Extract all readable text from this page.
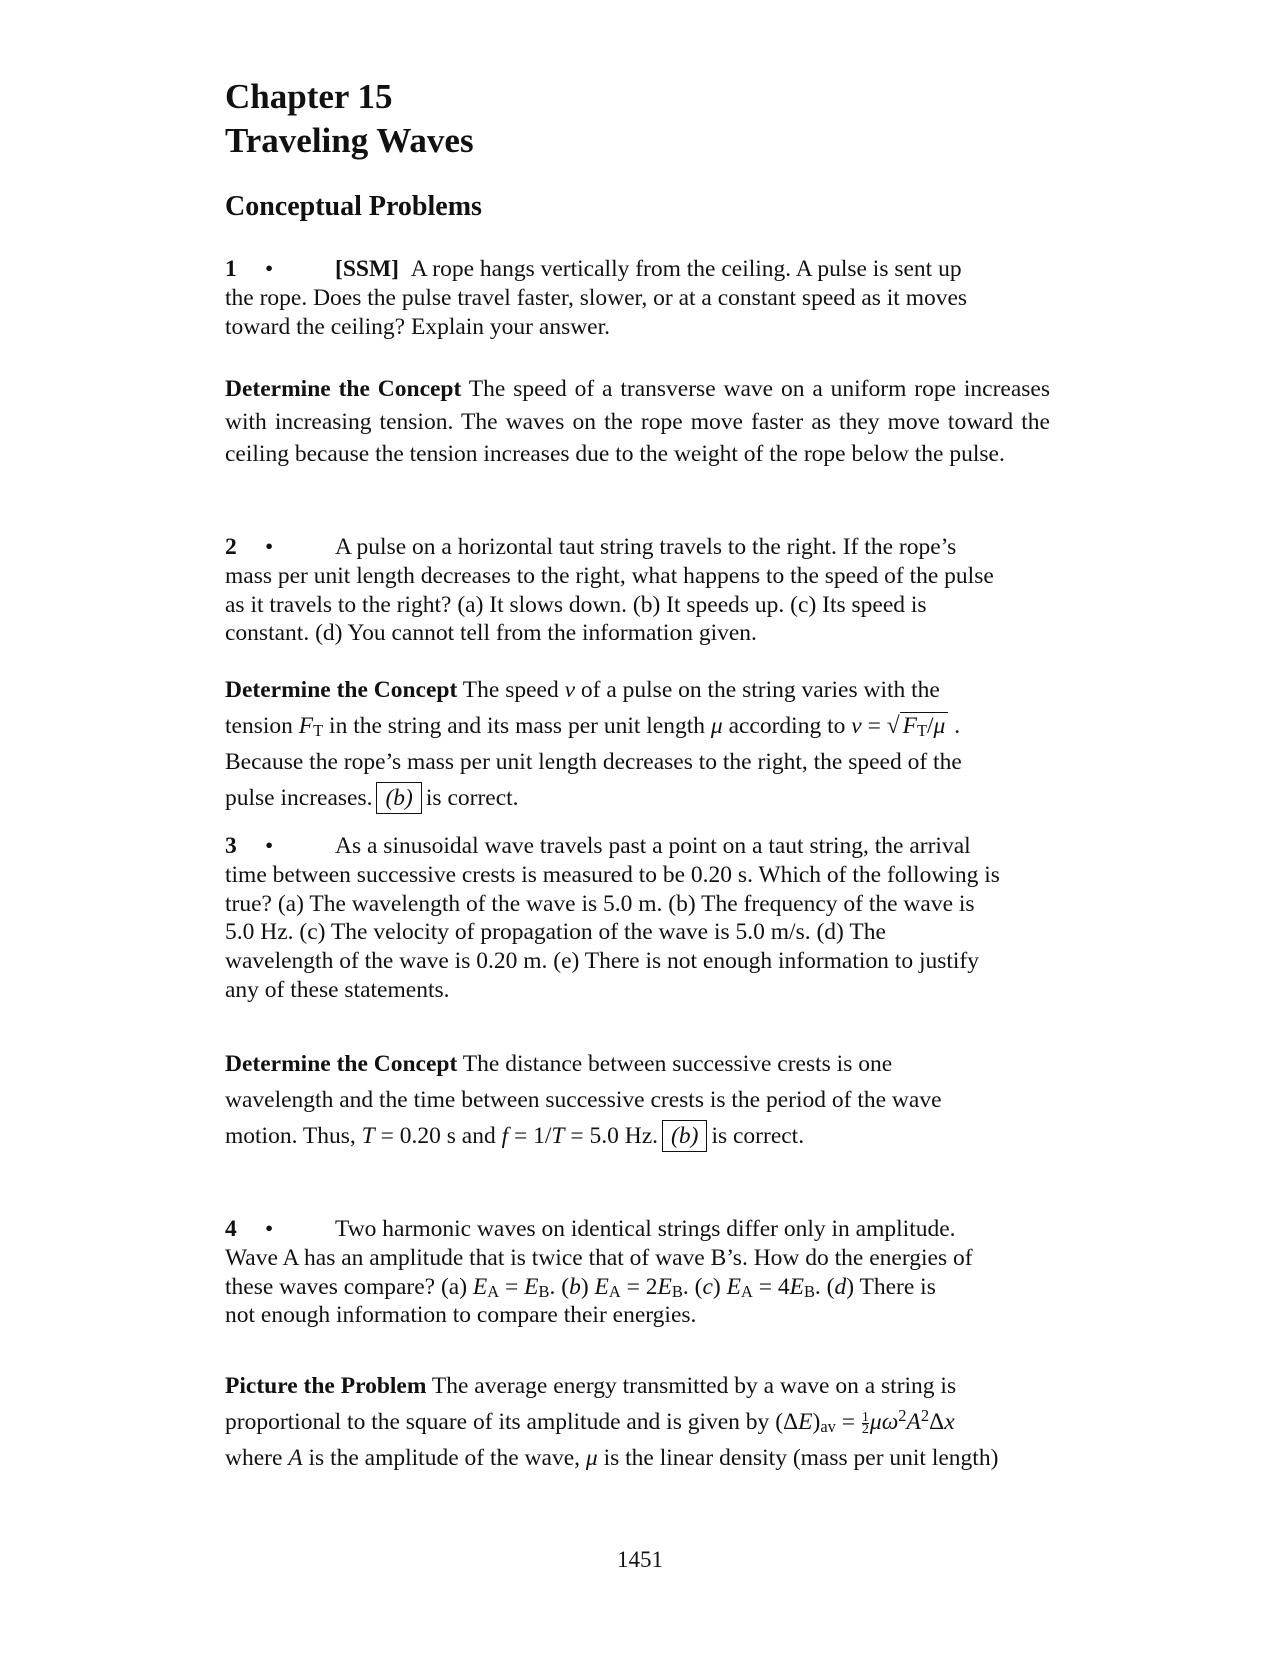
Chapter 15
Traveling Waves
Conceptual Problems
1 •	[SSM] A rope hangs vertically from the ceiling. A pulse is sent up
the rope. Does the pulse travel faster, slower, or at a constant speed as it moves
toward the ceiling? Explain your answer.
Determine the Concept The speed of a transverse wave on a uniform rope increases with increasing tension. The waves on the rope move faster as they move toward the ceiling because the tension increases due to the weight of the rope below the pulse.
2 •	A pulse on a horizontal taut string travels to the right. If the rope’s
mass per unit length decreases to the right, what happens to the speed of the pulse
as it travels to the right? (a) It slows down. (b) It speeds up. (c) Its speed is
constant. (d) You cannot tell from the information given.
Determine the Concept The speed v of a pulse on the string varies with the
tension $F_T$ in the string and its mass per unit length μ according to v = √ $F_T/\mu$ .
Because the rope’s mass per unit length decreases to the right, the speed of the
pulse increases. (b) is correct.
3 •	As a sinusoidal wave travels past a point on a taut string, the arrival
time between successive crests is measured to be 0.20 s. Which of the following is
true? (a) The wavelength of the wave is 5.0 m. (b) The frequency of the wave is
5.0 Hz. (c) The velocity of propagation of the wave is 5.0 m/s. (d) The
wavelength of the wave is 0.20 m. (e) There is not enough information to justify
any of these statements.
Determine the Concept The distance between successive crests is one
wavelength and the time between successive crests is the period of the wave
motion. Thus, T = 0.20 s and f = 1/T = 5.0 Hz. (b) is correct.
4 •	Two harmonic waves on identical strings differ only in amplitude.
Wave A has an amplitude that is twice that of wave B’s. How do the energies of
these waves compare? (a) $E_A = E_B$. (b) $E_A = 2E_B$. (c) $E_A = 4E_B$. (d) There is
not enough information to compare their energies.
Picture the Problem The average energy transmitted by a wave on a string is
proportional to the square of its amplitude and is given by $(\Delta E)_{av} = \frac{1}{2} \mu\omega^2A^2\Delta x$
where A is the amplitude of the wave, μ is the linear density (mass per unit length)
1451
